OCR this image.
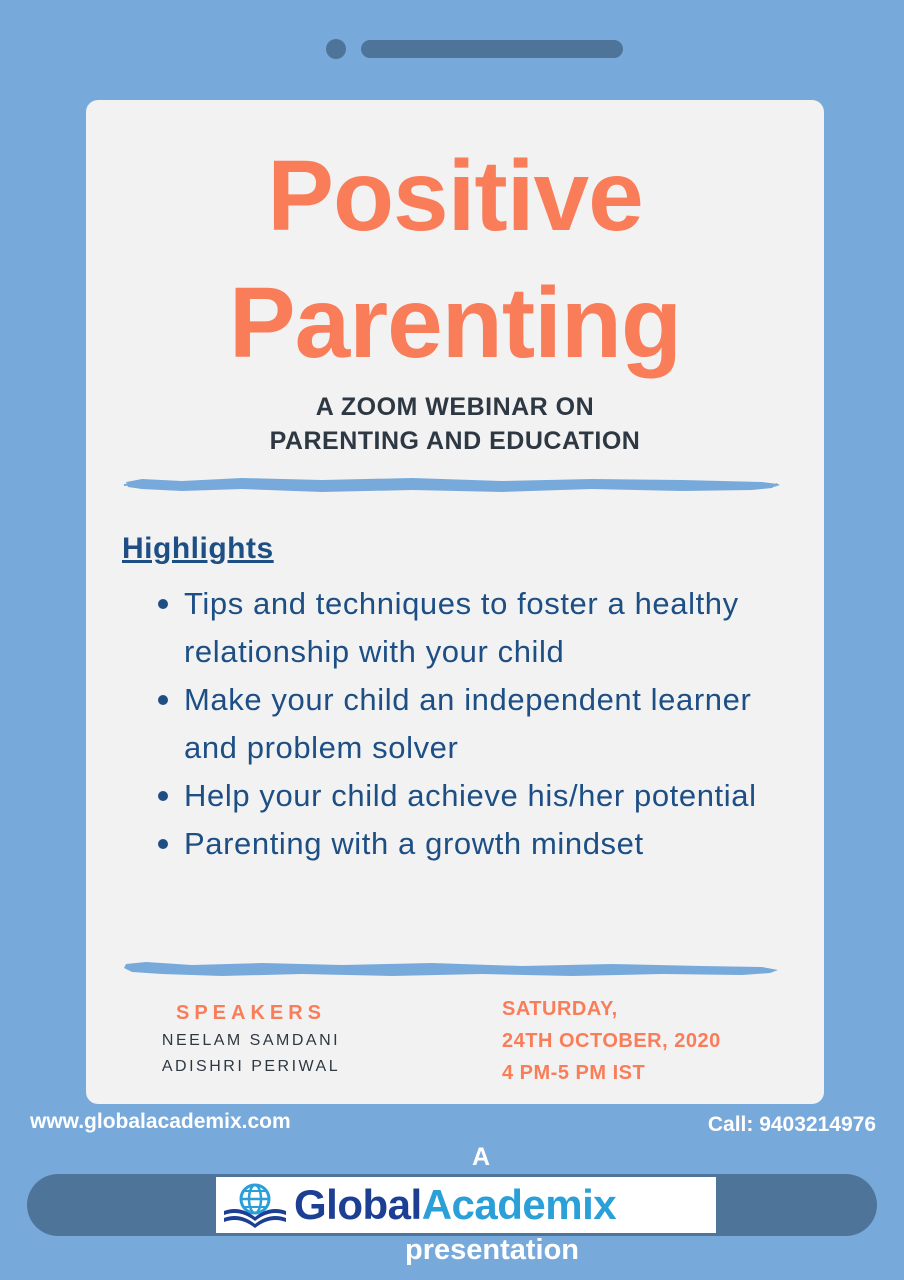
Positive
Parenting
A ZOOM WEBINAR ON
PARENTING AND EDUCATION
Highlights
Tips and techniques to foster a healthy relationship with your child
Make your child an independent learner and problem solver
Help your child achieve his/her potential
Parenting with a growth mindset
SPEAKERS
NEELAM SAMDANI
ADISHRI PERIWAL
SATURDAY,
24TH OCTOBER, 2020
4 PM-5 PM IST
www.globalacademix.com	Call: 9403214976
A
GlobalAcademix
presentation
